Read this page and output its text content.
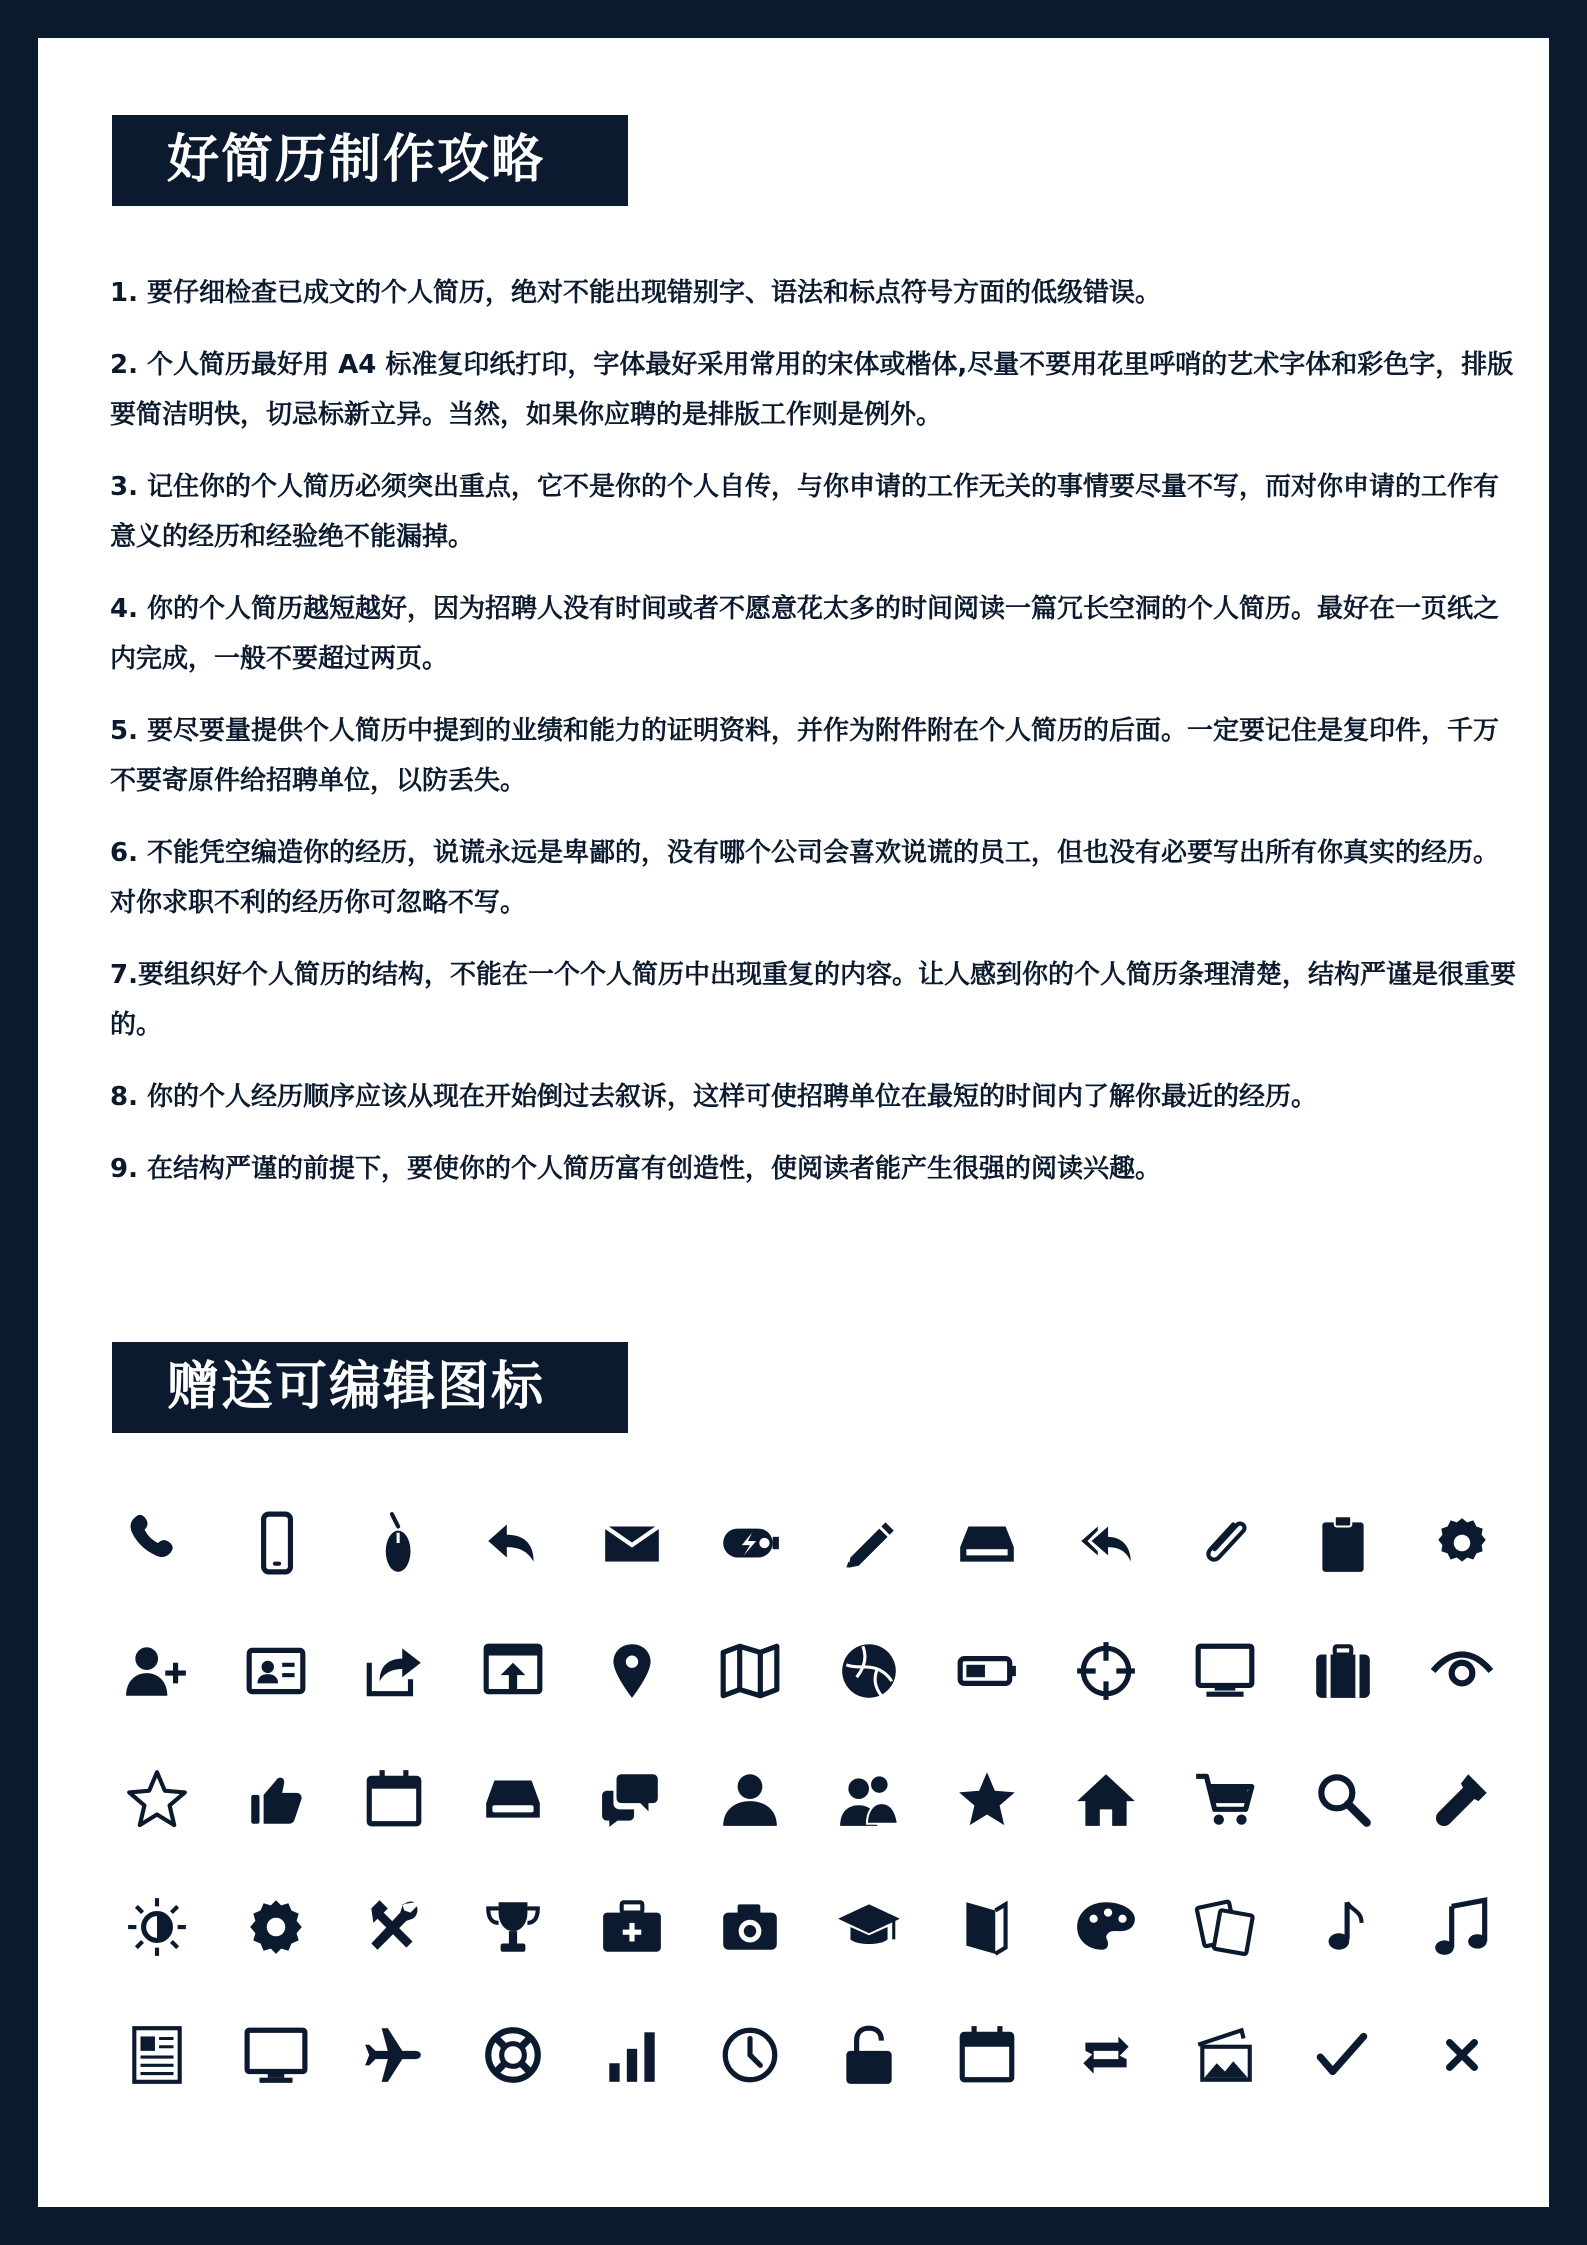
好简历制作攻略
1. 要仔细检查已成文的个人简历，绝对不能出现错别字、语法和标点符号方面的低级错误。
2. 个人简历最好用 A4 标准复印纸打印，字体最好采用常用的宋体或楷体,尽量不要用花里呼哨的艺术字体和彩色字，排版要简洁明快，切忌标新立异。当然，如果你应聘的是排版工作则是例外。
3. 记住你的个人简历必须突出重点，它不是你的个人自传，与你申请的工作无关的事情要尽量不写，而对你申请的工作有意义的经历和经验绝不能漏掉。
4. 你的个人简历越短越好，因为招聘人没有时间或者不愿意花太多的时间阅读一篇冗长空洞的个人简历。最好在一页纸之内完成，一般不要超过两页。
5. 要尽要量提供个人简历中提到的业绩和能力的证明资料，并作为附件附在个人简历的后面。一定要记住是复印件，千万不要寄原件给招聘单位，以防丢失。
6. 不能凭空编造你的经历，说谎永远是卑鄙的，没有哪个公司会喜欢说谎的员工，但也没有必要写出所有你真实的经历。对你求职不利的经历你可忽略不写。
7.要组织好个人简历的结构，不能在一个个人简历中出现重复的内容。让人感到你的个人简历条理清楚，结构严谨是很重要的。
8. 你的个人经历顺序应该从现在开始倒过去叙诉，这样可使招聘单位在最短的时间内了解你最近的经历。
9. 在结构严谨的前提下，要使你的个人简历富有创造性，使阅读者能产生很强的阅读兴趣。
赠送可编辑图标
